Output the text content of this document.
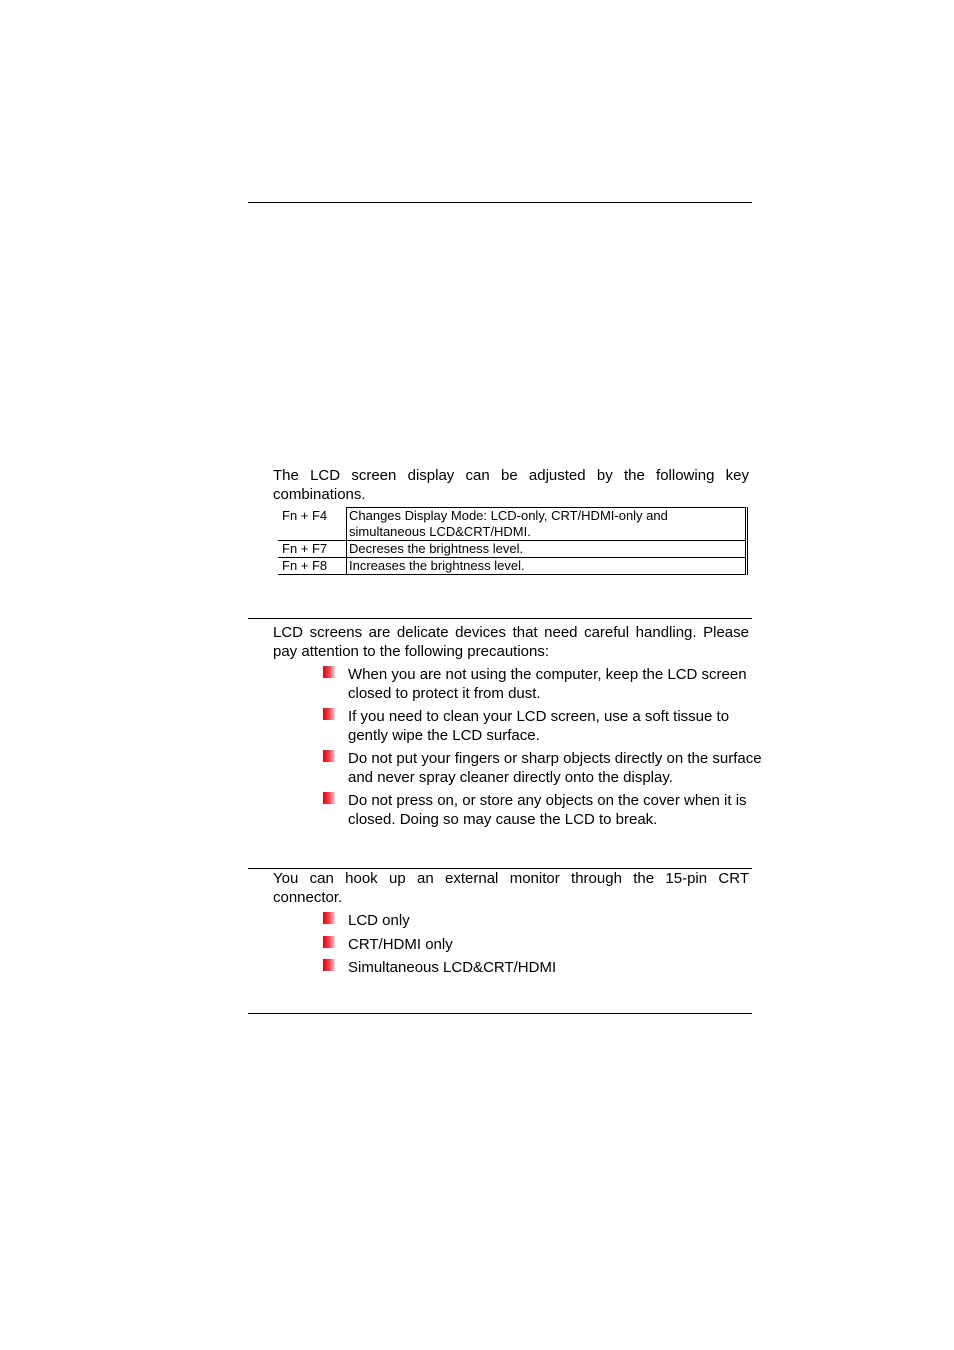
The LCD screen display can be adjusted by the following key combinations.

Fn + F4	Changes Display Mode: LCD-only, CRT/HDMI-only and simultaneous LCD&CRT/HDMI.
Fn + F7	Decreses the brightness level.
Fn + F8	Increases the brightness level.

LCD screens are delicate devices that need careful handling. Please pay attention to the following precautions:

When you are not using the computer, keep the LCD screen closed to protect it from dust.
If you need to clean your LCD screen, use a soft tissue to gently wipe the LCD surface.
Do not put your fingers or sharp objects directly on the surface and never spray cleaner directly onto the display.
Do not press on, or store any objects on the cover when it is closed. Doing so may cause the LCD to break.

You can hook up an external monitor through the 15-pin CRT connector.

LCD only
CRT/HDMI only
Simultaneous LCD&CRT/HDMI
